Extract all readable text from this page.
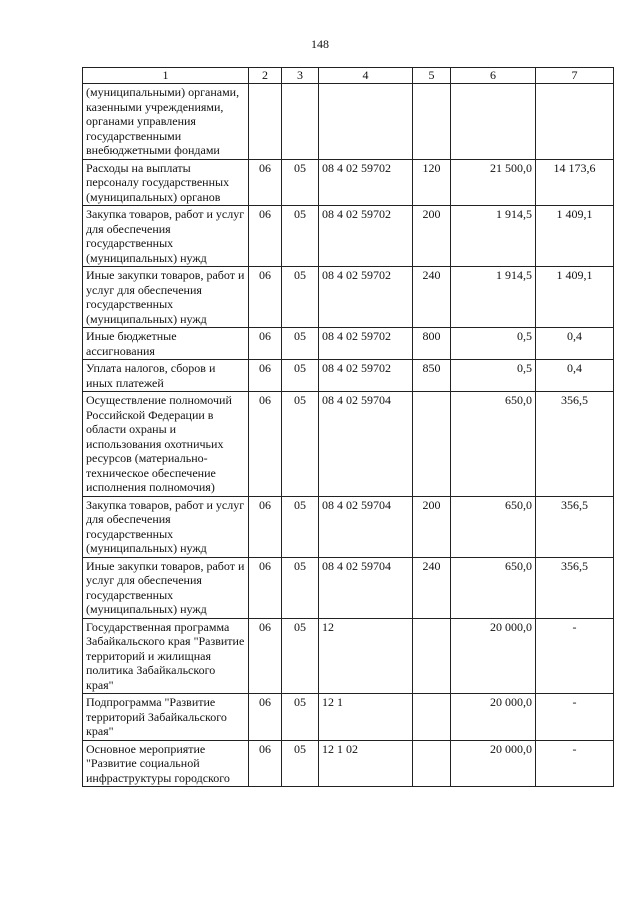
148
1	2	3	4	5	6	7
(муниципальными) органами, казенными учреждениями, органами управления государственными внебюджетными фондами						
Расходы на выплаты персоналу государственных (муниципальных) органов	06	05	08 4 02 59702	120	21 500,0	14 173,6
Закупка товаров, работ и услуг для обеспечения государственных (муниципальных) нужд	06	05	08 4 02 59702	200	1 914,5	1 409,1
Иные закупки товаров, работ и услуг для обеспечения государственных (муниципальных) нужд	06	05	08 4 02 59702	240	1 914,5	1 409,1
Иные бюджетные ассигнования	06	05	08 4 02 59702	800	0,5	0,4
Уплата налогов, сборов и иных платежей	06	05	08 4 02 59702	850	0,5	0,4
Осуществление полномочий Российской Федерации в области охраны и использования охотничьих ресурсов (материально-техническое обеспечение исполнения полномочия)	06	05	08 4 02 59704		650,0	356,5
Закупка товаров, работ и услуг для обеспечения государственных (муниципальных) нужд	06	05	08 4 02 59704	200	650,0	356,5
Иные закупки товаров, работ и услуг для обеспечения государственных (муниципальных) нужд	06	05	08 4 02 59704	240	650,0	356,5
Государственная программа Забайкальского края "Развитие территорий и жилищная политика Забайкальского края"	06	05	12		20 000,0	-
Подпрограмма "Развитие территорий Забайкальского края"	06	05	12 1		20 000,0	-
Основное мероприятие "Развитие социальной инфраструктуры городского	06	05	12 1 02		20 000,0	-
